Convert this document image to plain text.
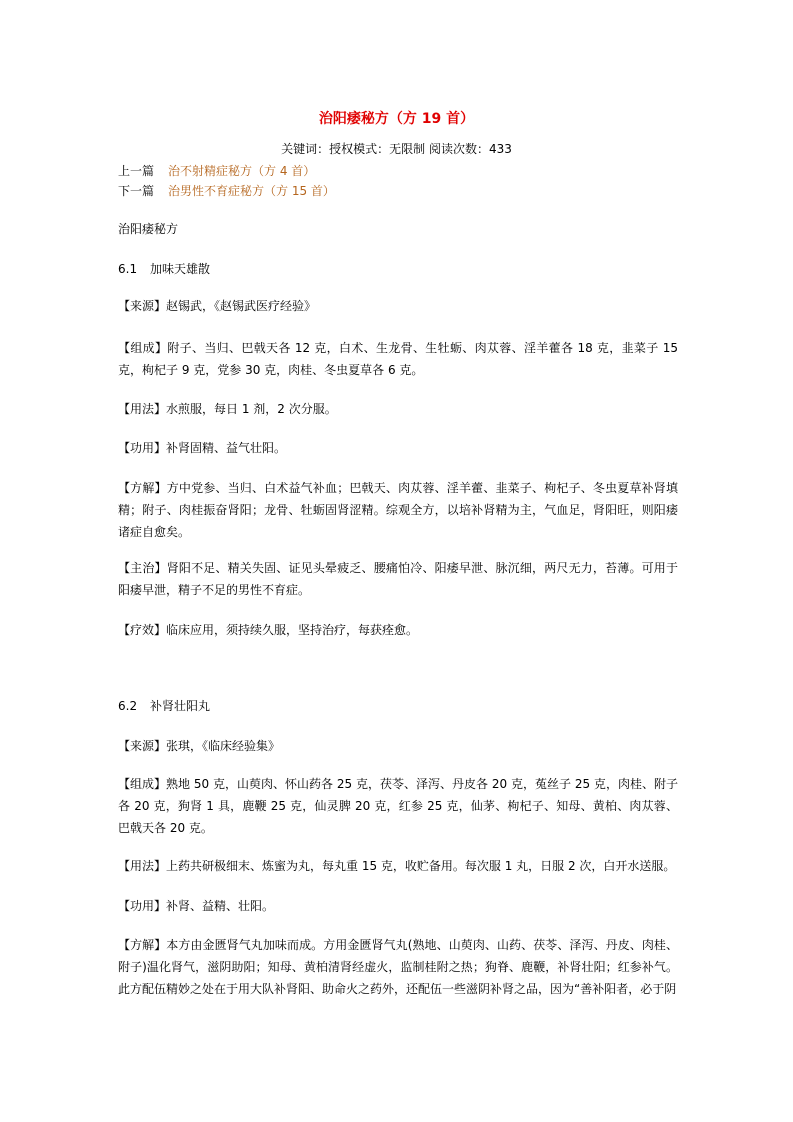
治阳痿秘方（方 19 首）
关键词：授权模式：无限制 阅读次数：433
上一篇 治不射精症秘方（方 4 首）
下一篇 治男性不育症秘方（方 15 首）
治阳痿秘方
6.1 加味天雄散
【来源】赵锡武，《赵锡武医疗经验》
【组成】附子、当归、巴戟天各 12 克，白术、生龙骨、生牡蛎、肉苁蓉、淫羊藿各 18 克，韭菜子 15 克，枸杞子 9 克，党参 30 克，肉桂、冬虫夏草各 6 克。
【用法】水煎服，每日 1 剂，2 次分服。
【功用】补肾固精、益气壮阳。
【方解】方中党参、当归、白术益气补血；巴戟天、肉苁蓉、淫羊藿、韭菜子、枸杞子、冬虫夏草补肾填精；附子、肉桂振奋肾阳；龙骨、牡蛎固肾涩精。综观全方，以培补肾精为主，气血足，肾阳旺，则阳痿诸症自愈矣。
【主治】肾阳不足、精关失固、证见头晕疲乏、腰痛怕冷、阳痿早泄、脉沉细，两尺无力，苔薄。可用于阳痿早泄，精子不足的男性不育症。
【疗效】临床应用，须持续久服，坚持治疗，每获痊愈。
6.2 补肾壮阳丸
【来源】张琪，《临床经验集》
【组成】熟地 50 克，山萸肉、怀山药各 25 克，茯苓、泽泻、丹皮各 20 克，菟丝子 25 克，肉桂、附子各 20 克，狗肾 1 具，鹿鞭 25 克，仙灵脾 20 克，红参 25 克，仙茅、枸杞子、知母、黄柏、肉苁蓉、巴戟天各 20 克。
【用法】上药共研极细末、炼蜜为丸，每丸重 15 克，收贮备用。每次服 1 丸，日服 2 次，白开水送服。
【功用】补肾、益精、壮阳。
【方解】本方由金匮肾气丸加味而成。方用金匮肾气丸(熟地、山萸肉、山药、茯苓、泽泻、丹皮、肉桂、附子)温化肾气，滋阴助阳；知母、黄柏清肾经虚火，监制桂附之热；狗脊、鹿鞭，补肾壮阳；红参补气。此方配伍精妙之处在于用大队补肾阳、助命火之药外，还配伍一些滋阴补肾之品，因为“善补阳者，必于阴
